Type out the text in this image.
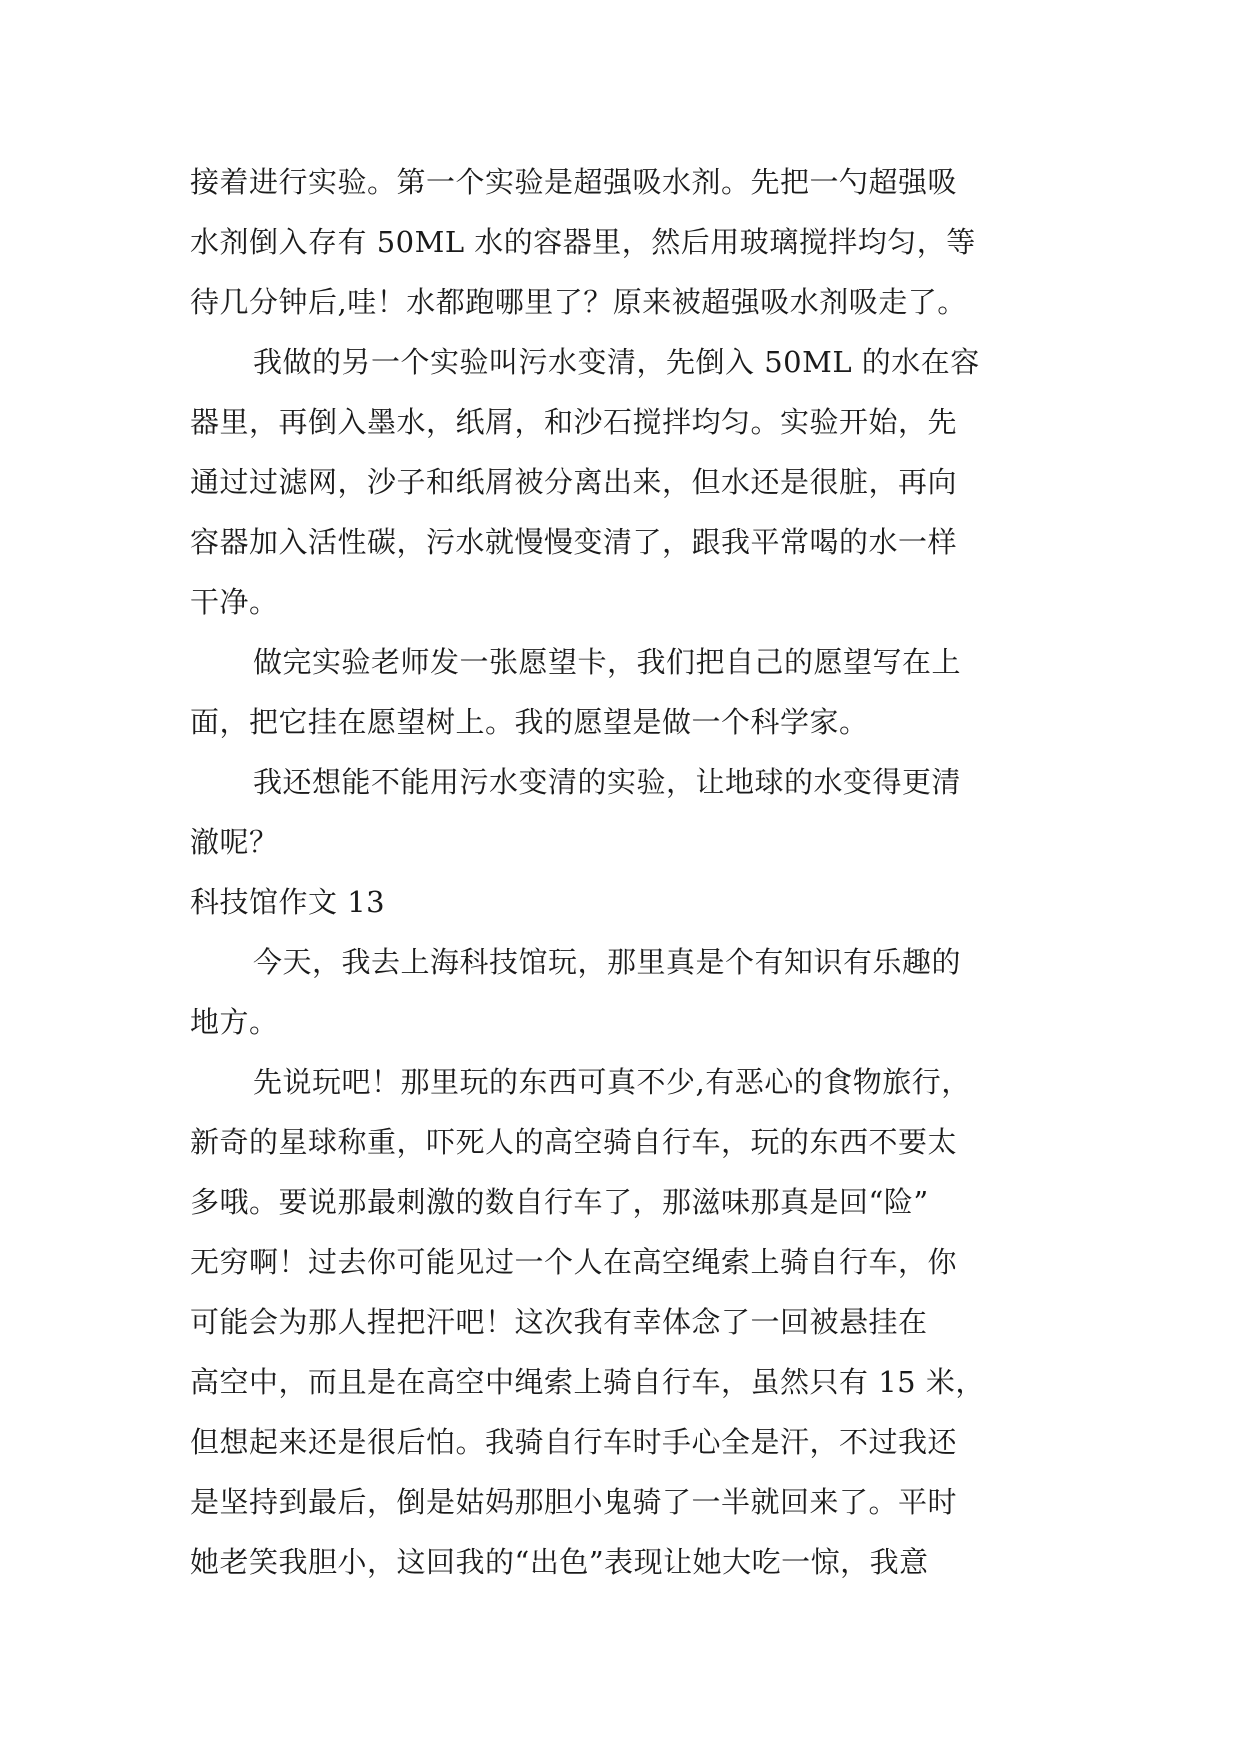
接着进行实验。第一个实验是超强吸水剂。先把一勺超强吸
水剂倒入存有 50ML 水的容器里，然后用玻璃搅拌均匀，等
待几分钟后,哇！水都跑哪里了？原来被超强吸水剂吸走了。
我做的另一个实验叫污水变清，先倒入 50ML 的水在容
器里，再倒入墨水，纸屑，和沙石搅拌均匀。实验开始，先
通过过滤网，沙子和纸屑被分离出来，但水还是很脏，再向
容器加入活性碳，污水就慢慢变清了，跟我平常喝的水一样
干净。
做完实验老师发一张愿望卡，我们把自己的愿望写在上
面，把它挂在愿望树上。我的愿望是做一个科学家。
我还想能不能用污水变清的实验，让地球的水变得更清
澈呢？
科技馆作文 13
今天，我去上海科技馆玩，那里真是个有知识有乐趣的
地方。
先说玩吧！那里玩的东西可真不少,有恶心的食物旅行，
新奇的星球称重，吓死人的高空骑自行车，玩的东西不要太
多哦。要说那最刺激的数自行车了，那滋味那真是回“险”
无穷啊！过去你可能见过一个人在高空绳索上骑自行车，你
可能会为那人捏把汗吧！这次我有幸体念了一回被悬挂在
高空中，而且是在高空中绳索上骑自行车，虽然只有 15 米，
但想起来还是很后怕。我骑自行车时手心全是汗，不过我还
是坚持到最后，倒是姑妈那胆小鬼骑了一半就回来了。平时
她老笑我胆小，这回我的“出色”表现让她大吃一惊，我意
